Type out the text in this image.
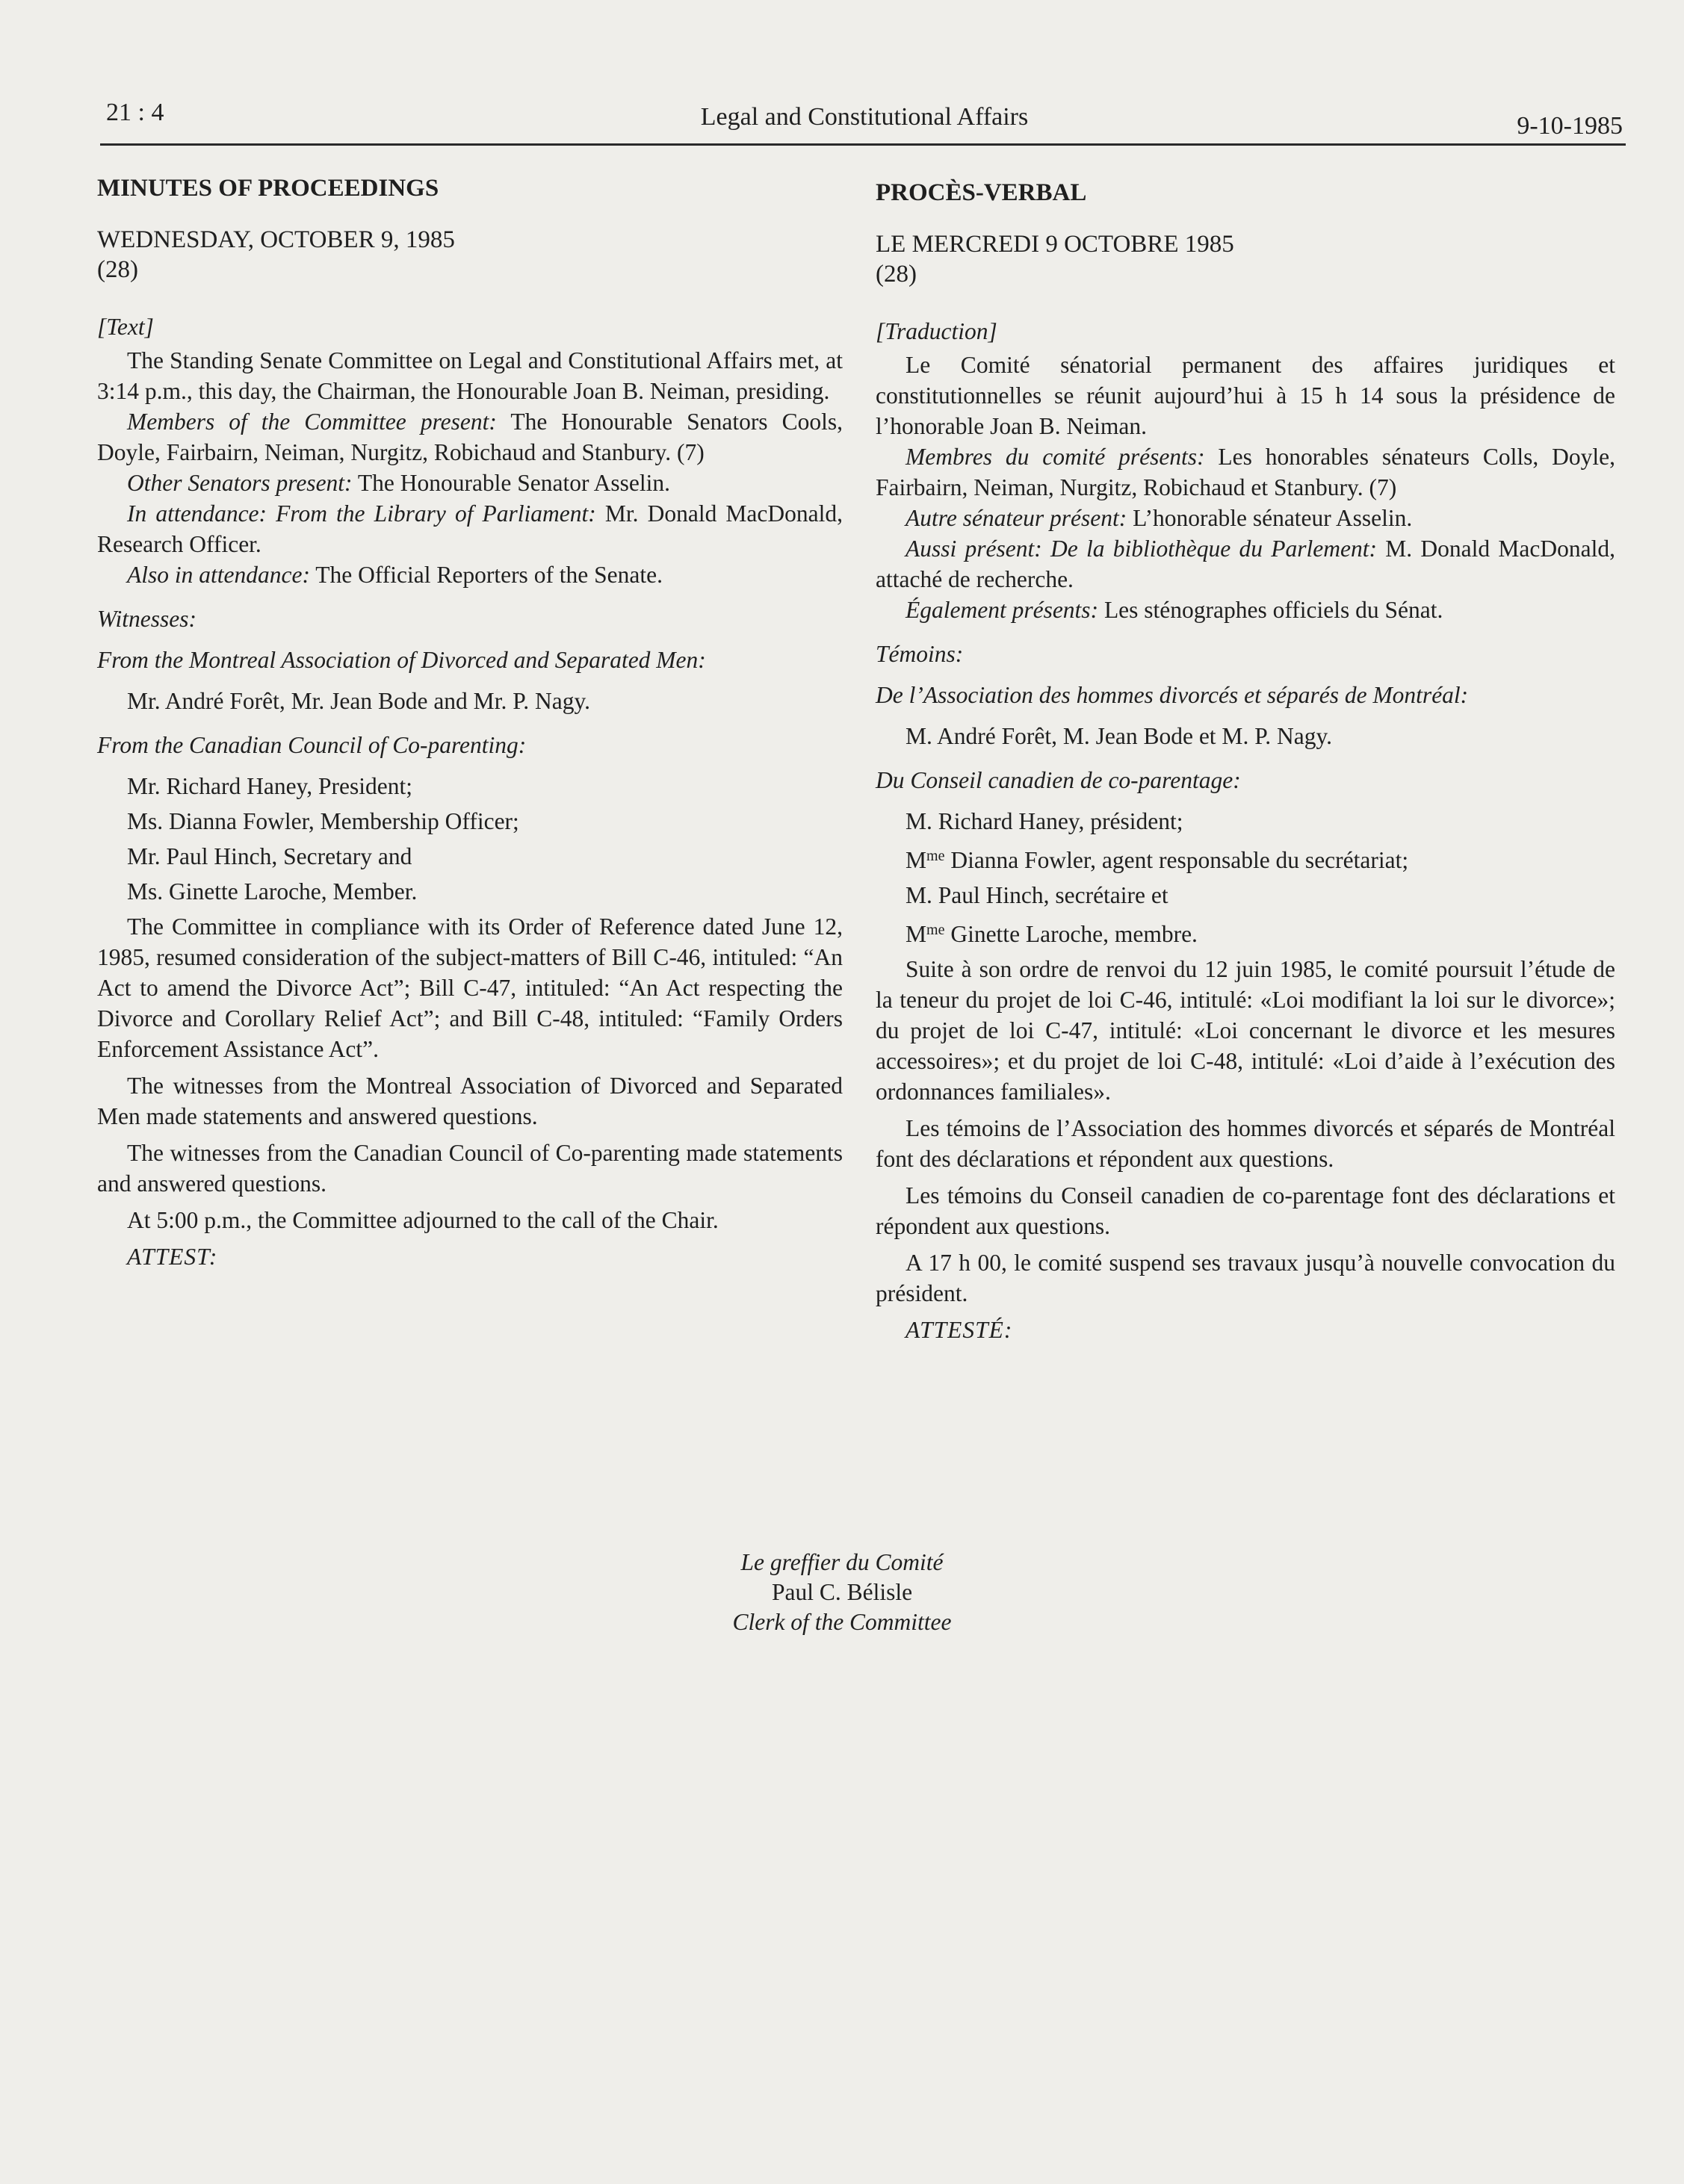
21 : 4	Legal and Constitutional Affairs	9-10-1985

MINUTES OF PROCEEDINGS

WEDNESDAY, OCTOBER 9, 1985

(28)

[Text]

The Standing Senate Committee on Legal and Constitutional Affairs met, at 3:14 p.m., this day, the Chairman, the Honourable Joan B. Neiman, presiding.

Members of the Committee present: The Honourable Senators Cools, Doyle, Fairbairn, Neiman, Nurgitz, Robichaud and Stanbury. (7)

Other Senators present: The Honourable Senator Asselin.

In attendance: From the Library of Parliament: Mr. Donald MacDonald, Research Officer.

Also in attendance: The Official Reporters of the Senate.

Witnesses:

From the Montreal Association of Divorced and Separated Men:

Mr. André Forêt, Mr. Jean Bode and Mr. P. Nagy.

From the Canadian Council of Co-parenting:

Mr. Richard Haney, President;

Ms. Dianna Fowler, Membership Officer;

Mr. Paul Hinch, Secretary and

Ms. Ginette Laroche, Member.

The Committee in compliance with its Order of Reference dated June 12, 1985, resumed consideration of the subject-matters of Bill C-46, intituled: “An Act to amend the Divorce Act”; Bill C-47, intituled: “An Act respecting the Divorce and Corollary Relief Act”; and Bill C-48, intituled: “Family Orders Enforcement Assistance Act”.

The witnesses from the Montreal Association of Divorced and Separated Men made statements and answered questions.

The witnesses from the Canadian Council of Co-parenting made statements and answered questions.

At 5:00 p.m., the Committee adjourned to the call of the Chair.

ATTEST:

PROCÈS-VERBAL

LE MERCREDI 9 OCTOBRE 1985

(28)

[Traduction]

Le Comité sénatorial permanent des affaires juridiques et constitutionnelles se réunit aujourd’hui à 15 h 14 sous la présidence de l’honorable Joan B. Neiman.

Membres du comité présents: Les honorables sénateurs Colls, Doyle, Fairbairn, Neiman, Nurgitz, Robichaud et Stanbury. (7)

Autre sénateur présent: L’honorable sénateur Asselin.

Aussi présent: De la bibliothèque du Parlement: M. Donald MacDonald, attaché de recherche.

Également présents: Les sténographes officiels du Sénat.

Témoins:

De l’Association des hommes divorcés et séparés de Montréal:

M. André Forêt, M. Jean Bode et M. P. Nagy.

Du Conseil canadien de co-parentage:

M. Richard Haney, président;

$M^{me}$ Dianna Fowler, agent responsable du secrétariat;

M. Paul Hinch, secrétaire et

$M^{me}$ Ginette Laroche, membre.

Suite à son ordre de renvoi du 12 juin 1985, le comité poursuit l’étude de la teneur du projet de loi C-46, intitulé: «Loi modifiant la loi sur le divorce»; du projet de loi C-47, intitulé: «Loi concernant le divorce et les mesures accessoires»; et du projet de loi C-48, intitulé: «Loi d’aide à l’exécution des ordonnances familiales».

Les témoins de l’Association des hommes divorcés et séparés de Montréal font des déclarations et répondent aux questions.

Les témoins du Conseil canadien de co-parentage font des déclarations et répondent aux questions.

A 17 h 00, le comité suspend ses travaux jusqu’à nouvelle convocation du président.

ATTESTÉ:

Le greffier du Comité
Paul C. Bélisle
Clerk of the Committee
